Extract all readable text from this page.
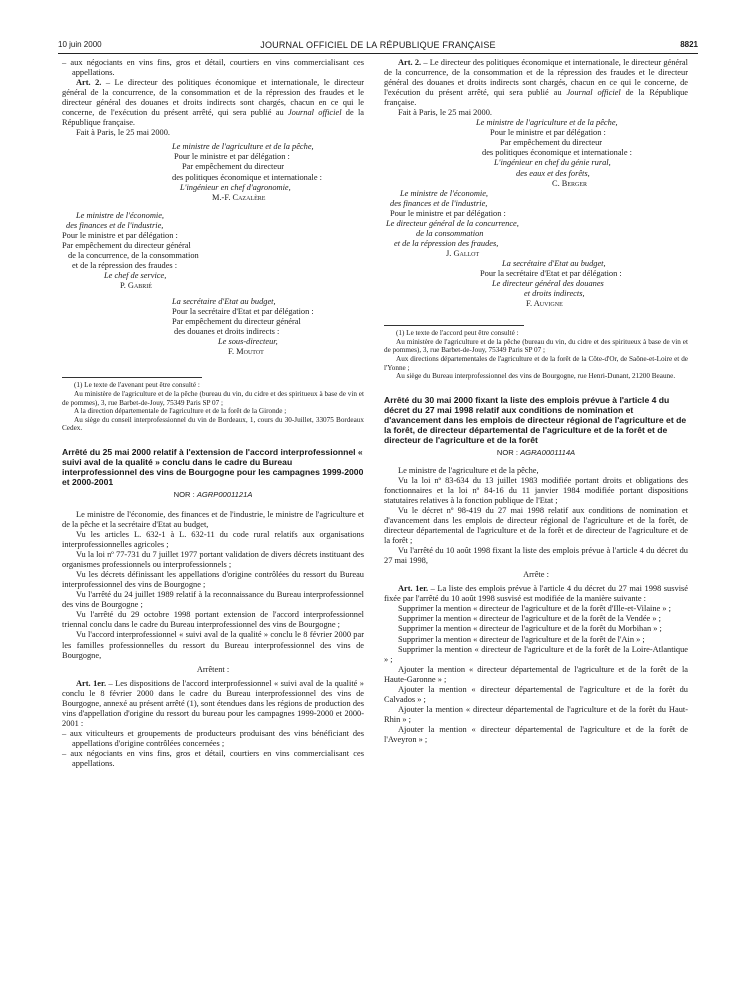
10 juin 2000	JOURNAL OFFICIEL DE LA RÉPUBLIQUE FRANÇAISE	8821

– aux négociants en vins fins, gros et détail, courtiers en vins commercialisant ces appellations.

Art. 2. – Le directeur des politiques économique et internationale, le directeur général de la concurrence, de la consommation et de la répression des fraudes et le directeur général des douanes et droits indirects sont chargés, chacun en ce qui le concerne, de l'exécution du présent arrêté, qui sera publié au Journal officiel de la République française.

Fait à Paris, le 25 mai 2000.

Le ministre de l'agriculture et de la pêche,

Pour le ministre et par délégation :

Par empêchement du directeur

des politiques économique et internationale :

L'ingénieur en chef d'agronomie,

M.-F. Cazalère

Le ministre de l'économie,

des finances et de l'industrie,

Pour le ministre et par délégation :

Par empêchement du directeur général

de la concurrence, de la consommation

et de la répression des fraudes :

Le chef de service,

P. Gabrié

La secrétaire d'Etat au budget,

Pour la secrétaire d'Etat et par délégation :

Par empêchement du directeur général

des douanes et droits indirects :

Le sous-directeur,

F. Moutot

(1) Le texte de l'avenant peut être consulté :

Au ministère de l'agriculture et de la pêche (bureau du vin, du cidre et des spiritueux à base de vin et de pommes), 3, rue Barbet-de-Jouy, 75349 Paris SP 07 ;

A la direction départementale de l'agriculture et de la forêt de la Gironde ;

Au siège du conseil interprofessionnel du vin de Bordeaux, 1, cours du 30-Juillet, 33075 Bordeaux Cedex.

Arrêté du 25 mai 2000 relatif à l'extension de l'accord interprofessionnel « suivi aval de la qualité » conclu dans le cadre du Bureau interprofessionnel des vins de Bourgogne pour les campagnes 1999-2000 et 2000-2001

NOR : AGRP0001121A

Le ministre de l'économie, des finances et de l'industrie, le ministre de l'agriculture et de la pêche et la secrétaire d'Etat au budget,

Vu les articles L. 632-1 à L. 632-11 du code rural relatifs aux organisations interprofessionnelles agricoles ;

Vu la loi nº 77-731 du 7 juillet 1977 portant validation de divers décrets instituant des organismes professionnels ou interprofessionnels ;

Vu les décrets définissant les appellations d'origine contrôlées du ressort du Bureau interprofessionnel des vins de Bourgogne ;

Vu l'arrêté du 24 juillet 1989 relatif à la reconnaissance du Bureau interprofessionnel des vins de Bourgogne ;

Vu l'arrêté du 29 octobre 1998 portant extension de l'accord interprofessionnel triennal conclu dans le cadre du Bureau interprofessionnel des vins de Bourgogne ;

Vu l'accord interprofessionnel « suivi aval de la qualité » conclu le 8 février 2000 par les familles professionnelles du ressort du Bureau interprofessionnel des vins de Bourgogne,

Arrêtent :

Art. 1er. – Les dispositions de l'accord interprofessionnel « suivi aval de la qualité » conclu le 8 février 2000 dans le cadre du Bureau interprofessionnel des vins de Bourgogne, annexé au présent arrêté (1), sont étendues dans les régions de production des vins d'appellation d'origine du ressort du bureau pour les campagnes 1999-2000 et 2000-2001 :

– aux viticulteurs et groupements de producteurs produisant des vins bénéficiant des appellations d'origine contrôlées concernées ;

– aux négociants en vins fins, gros et détail, courtiers en vins commercialisant ces appellations.

Art. 2. – Le directeur des politiques économique et internationale, le directeur général de la concurrence, de la consommation et de la répression des fraudes et le directeur général des douanes et droits indirects sont chargés, chacun en ce qui le concerne, de l'exécution du présent arrêté, qui sera publié au Journal officiel de la République française.

Fait à Paris, le 25 mai 2000.

Le ministre de l'agriculture et de la pêche,

Pour le ministre et par délégation :

Par empêchement du directeur

des politiques économique et internationale :

L'ingénieur en chef du génie rural,

des eaux et des forêts,

C. Berger

Le ministre de l'économie,

des finances et de l'industrie,

Pour le ministre et par délégation :

Le directeur général de la concurrence,

de la consommation

et de la répression des fraudes,

J. Gallot

La secrétaire d'Etat au budget,

Pour la secrétaire d'Etat et par délégation :

Le directeur général des douanes

et droits indirects,

F. Auvigne

(1) Le texte de l'accord peut être consulté :

Au ministère de l'agriculture et de la pêche (bureau du vin, du cidre et des spiritueux à base de vin et de pommes), 3, rue Barbet-de-Jouy, 75349 Paris SP 07 ;

Aux directions départementales de l'agriculture et de la forêt de la Côte-d'Or, de Saône-et-Loire et de l'Yonne ;

Au siège du Bureau interprofessionnel des vins de Bourgogne, rue Henri-Dunant, 21200 Beaune.

Arrêté du 30 mai 2000 fixant la liste des emplois prévue à l'article 4 du décret du 27 mai 1998 relatif aux conditions de nomination et d'avancement dans les emplois de directeur régional de l'agriculture et de la forêt, de directeur départemental de l'agriculture et de la forêt et de directeur de l'agriculture et de la forêt

NOR : AGRA0001114A

Le ministre de l'agriculture et de la pêche,

Vu la loi nº 83-634 du 13 juillet 1983 modifiée portant droits et obligations des fonctionnaires et la loi nº 84-16 du 11 janvier 1984 modifiée portant dispositions statutaires relatives à la fonction publique de l'Etat ;

Vu le décret nº 98-419 du 27 mai 1998 relatif aux conditions de nomination et d'avancement dans les emplois de directeur régional de l'agriculture et de la forêt, de directeur départemental de l'agriculture et de la forêt et de directeur de l'agriculture et de la forêt ;

Vu l'arrêté du 10 août 1998 fixant la liste des emplois prévue à l'article 4 du décret du 27 mai 1998,

Arrête :

Art. 1er. – La liste des emplois prévue à l'article 4 du décret du 27 mai 1998 susvisé fixée par l'arrêté du 10 août 1998 susvisé est modifiée de la manière suivante :

Supprimer la mention « directeur de l'agriculture et de la forêt d'Ille-et-Vilaine » ;

Supprimer la mention « directeur de l'agriculture et de la forêt de la Vendée » ;

Supprimer la mention « directeur de l'agriculture et de la forêt du Morbihan » ;

Supprimer la mention « directeur de l'agriculture et de la forêt de l'Ain » ;

Supprimer la mention « directeur de l'agriculture et de la forêt de la Loire-Atlantique » ;

Ajouter la mention « directeur départemental de l'agriculture et de la forêt de la Haute-Garonne » ;

Ajouter la mention « directeur départemental de l'agriculture et de la forêt du Calvados » ;

Ajouter la mention « directeur départemental de l'agriculture et de la forêt du Haut-Rhin » ;

Ajouter la mention « directeur départemental de l'agriculture et de la forêt de l'Aveyron » ;
